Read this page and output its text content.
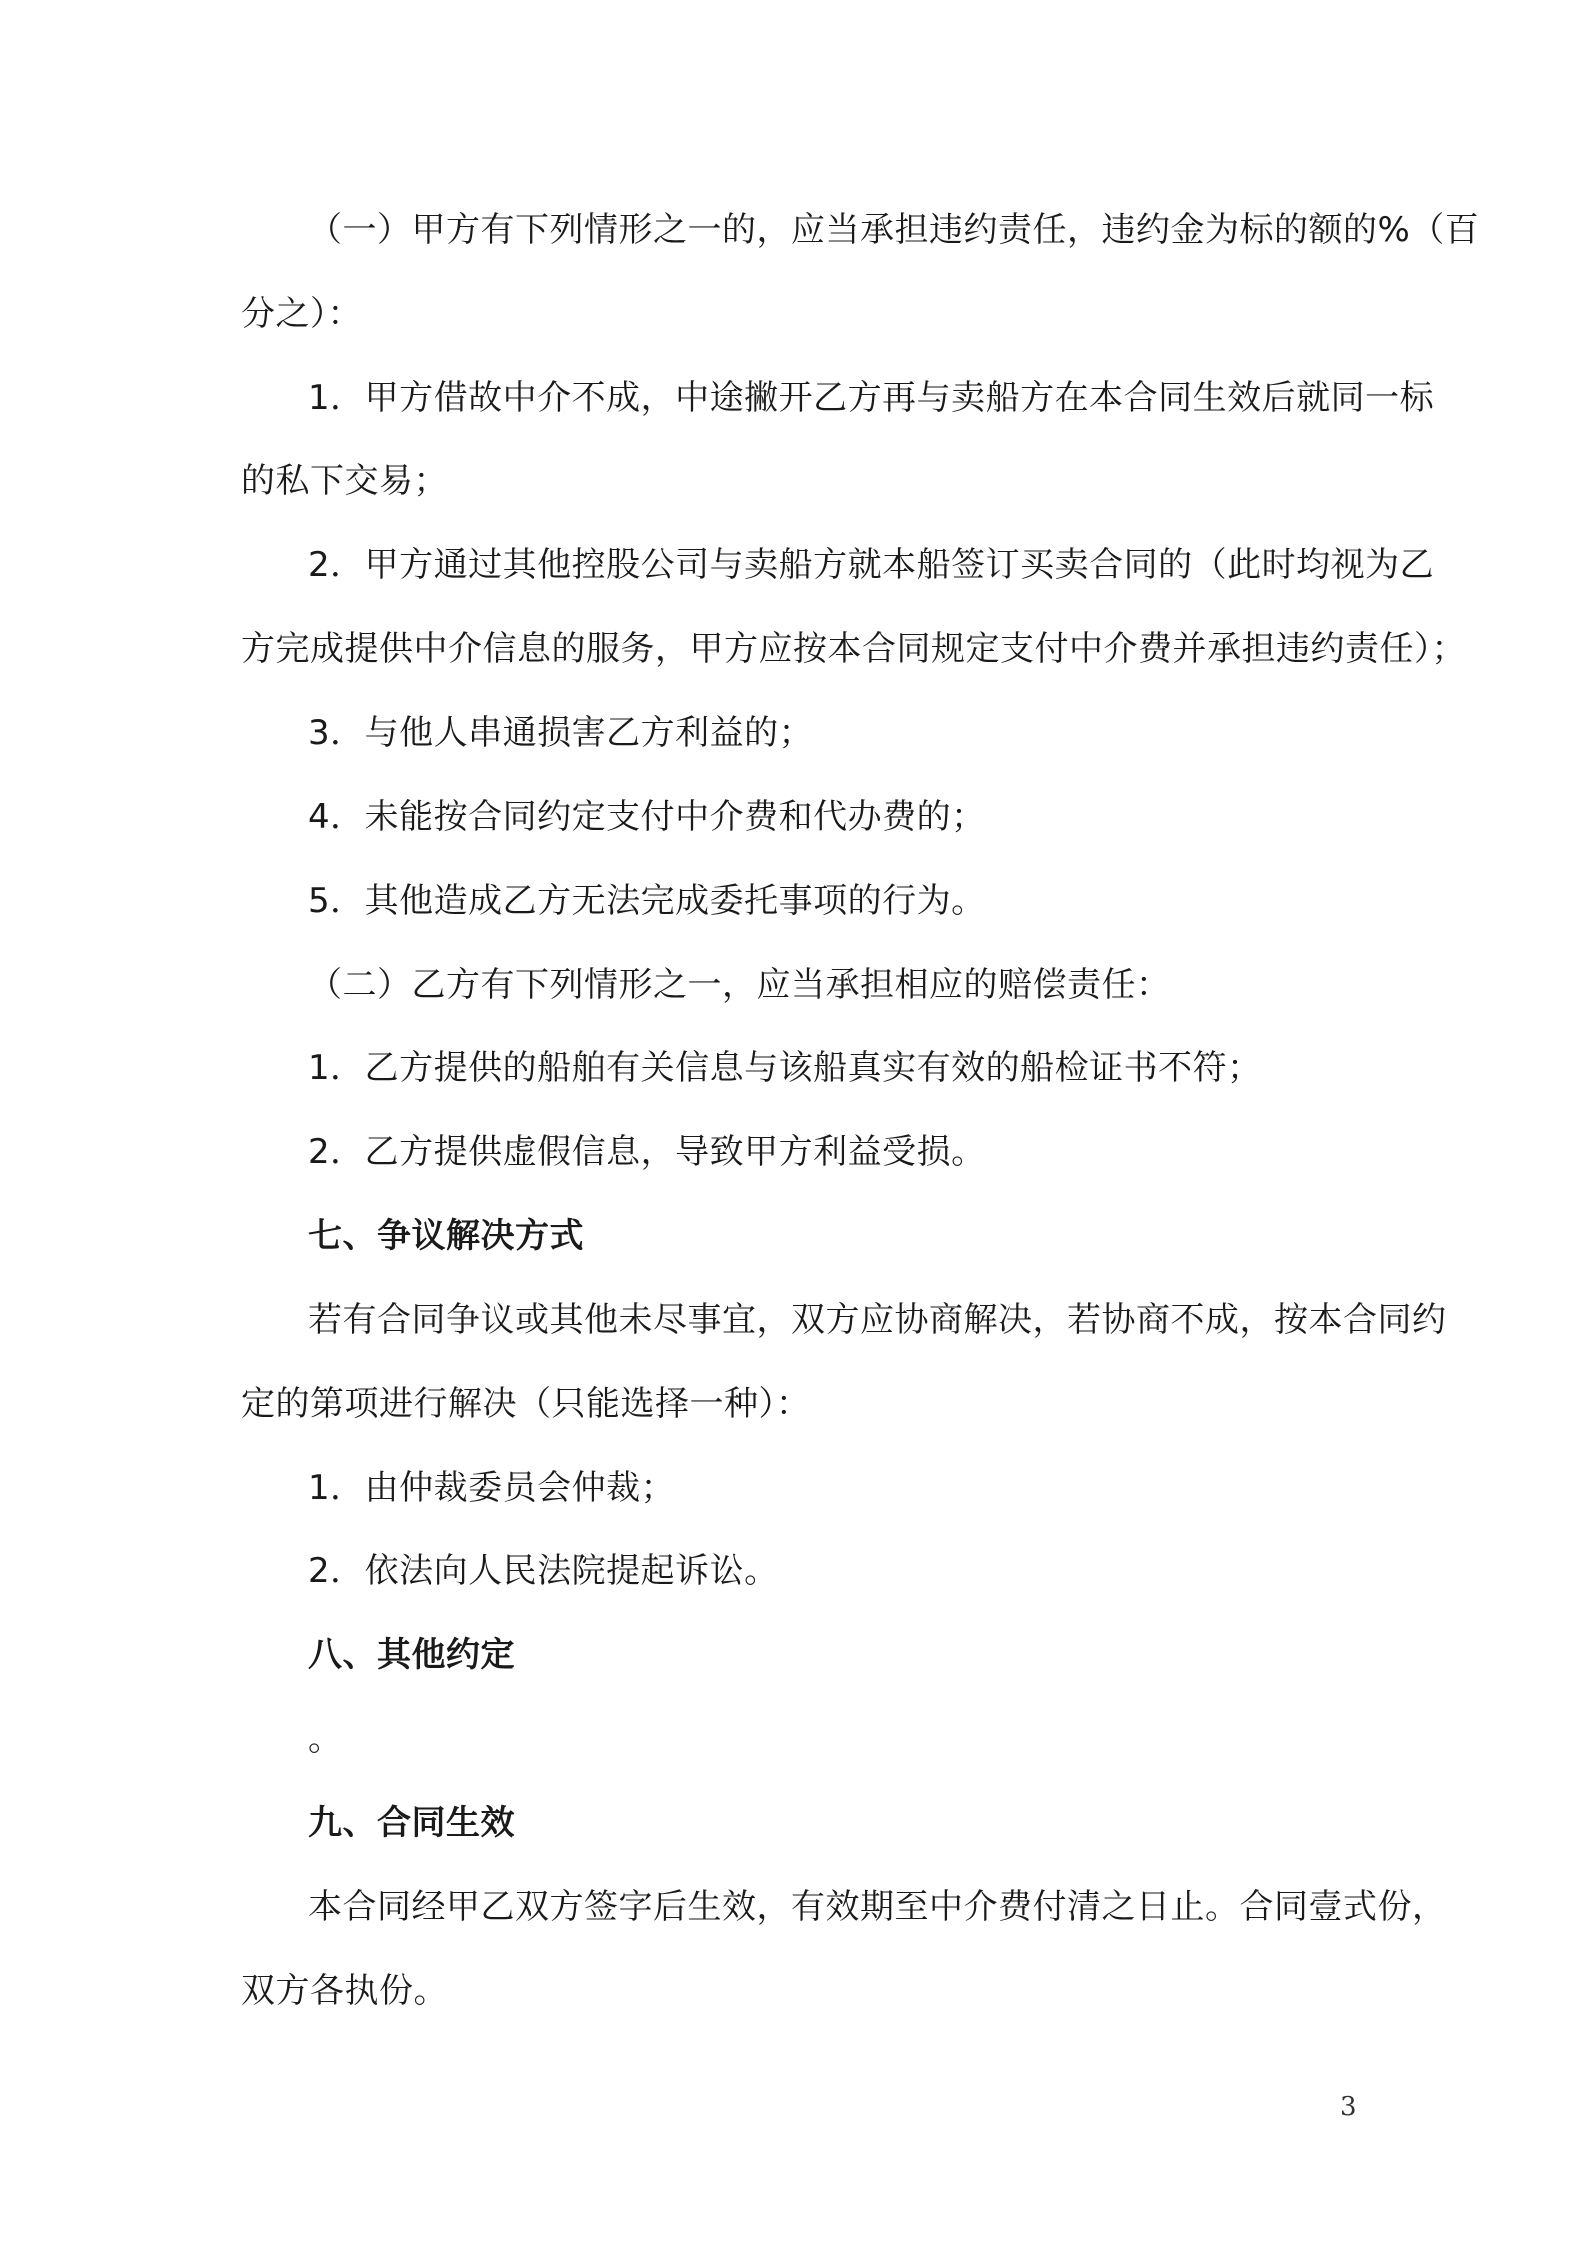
（一）甲方有下列情形之一的，应当承担违约责任，违约金为标的额的%（百
分之）：
1．甲方借故中介不成，中途撇开乙方再与卖船方在本合同生效后就同一标
的私下交易；
2．甲方通过其他控股公司与卖船方就本船签订买卖合同的（此时均视为乙
方完成提供中介信息的服务，甲方应按本合同规定支付中介费并承担违约责任）；
3．与他人串通损害乙方利益的；
4．未能按合同约定支付中介费和代办费的；
5．其他造成乙方无法完成委托事项的行为。
（二）乙方有下列情形之一，应当承担相应的赔偿责任：
1．乙方提供的船舶有关信息与该船真实有效的船检证书不符；
2．乙方提供虚假信息，导致甲方利益受损。
七、争议解决方式
若有合同争议或其他未尽事宜，双方应协商解决，若协商不成，按本合同约
定的第项进行解决（只能选择一种）：
1．由仲裁委员会仲裁；
2．依法向人民法院提起诉讼。
八、其他约定
。
九、合同生效
本合同经甲乙双方签字后生效，有效期至中介费付清之日止。合同壹式份，
双方各执份。
3
